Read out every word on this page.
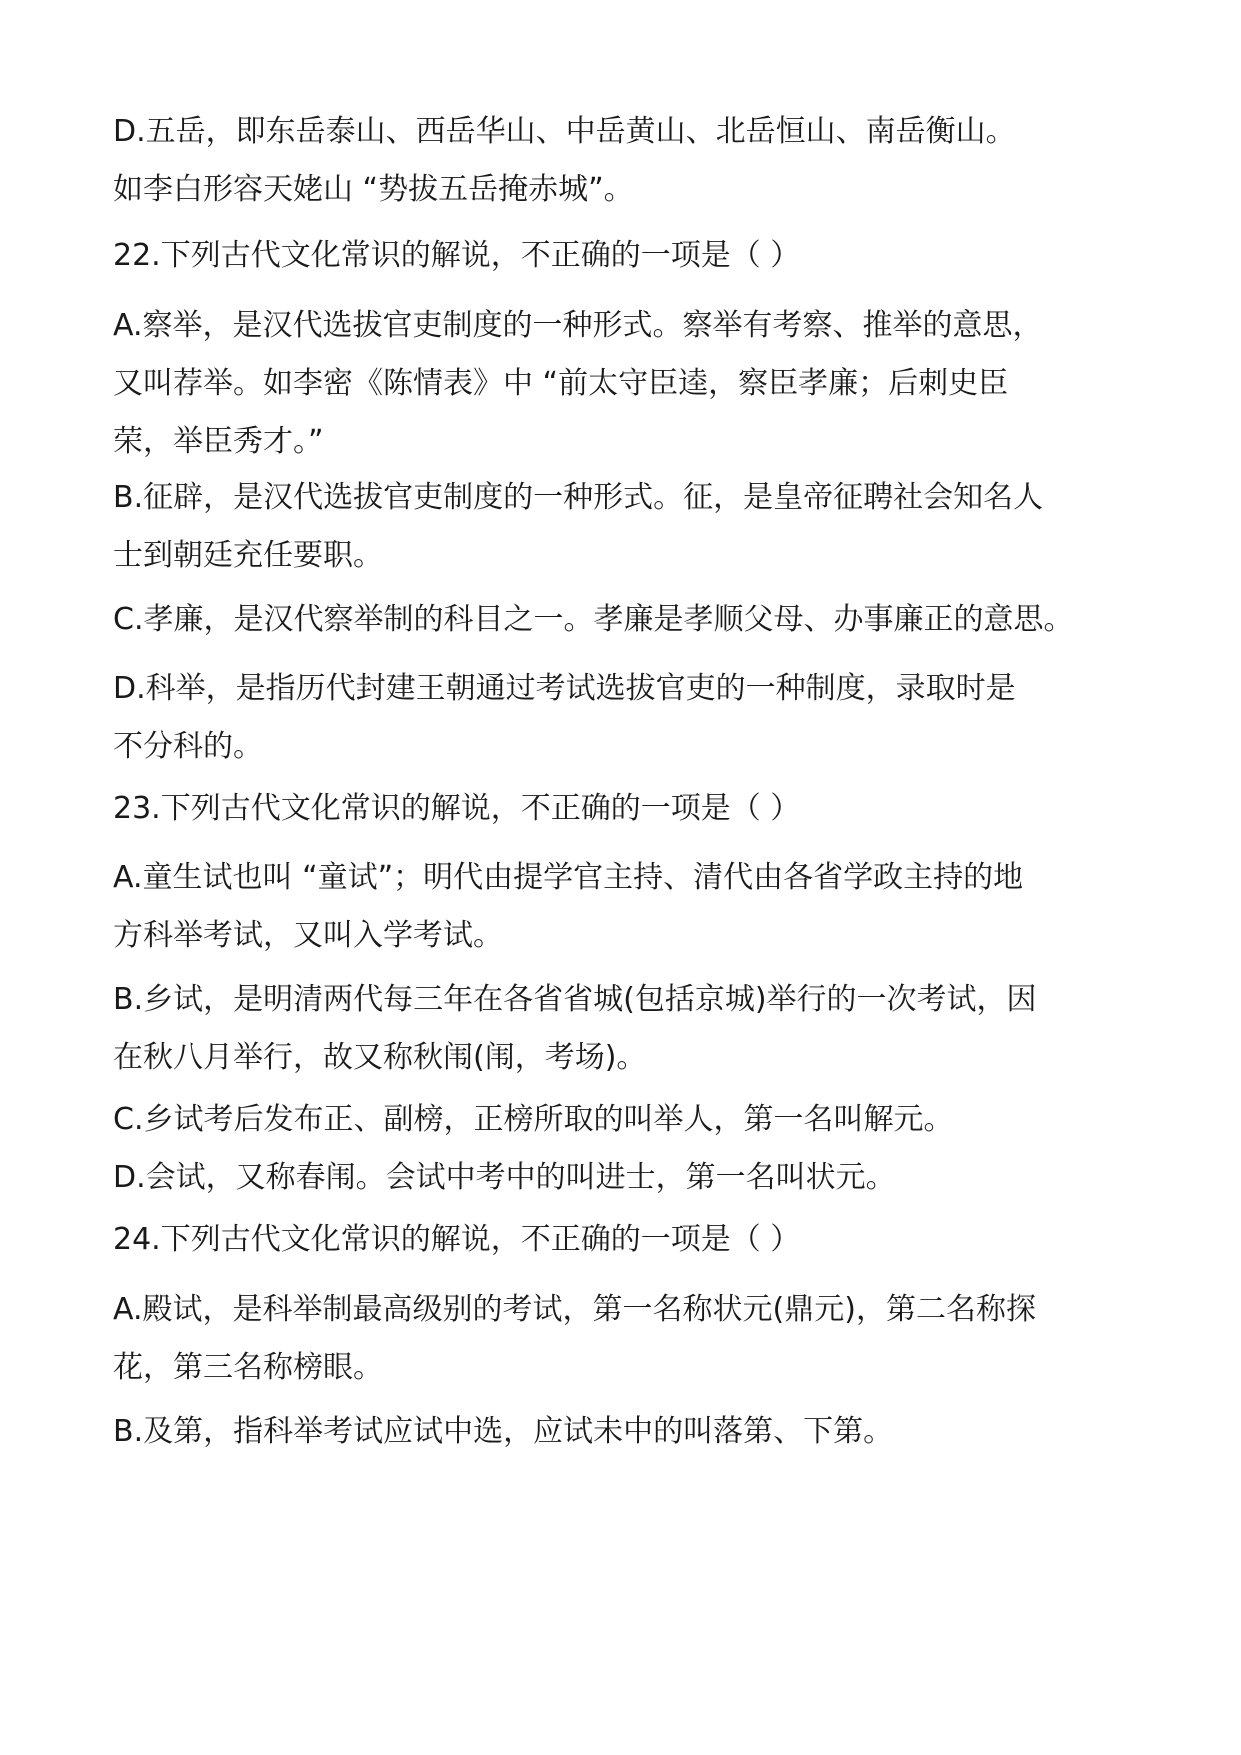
D.五岳，即东岳泰山、西岳华山、中岳黄山、北岳恒山、南岳衡山。
如李白形容天姥山 “势拔五岳掩赤城”。
22.下列古代文化常识的解说，不正确的一项是（ ）
A.察举，是汉代选拔官吏制度的一种形式。察举有考察、推举的意思，
又叫荐举。如李密《陈情表》中 “前太守臣逵，察臣孝廉；后刺史臣
荣，举臣秀才。”
B.征辟，是汉代选拔官吏制度的一种形式。征，是皇帝征聘社会知名人
士到朝廷充任要职。
C.孝廉，是汉代察举制的科目之一。孝廉是孝顺父母、办事廉正的意思。
D.科举，是指历代封建王朝通过考试选拔官吏的一种制度，录取时是
不分科的。
23.下列古代文化常识的解说，不正确的一项是（ ）
A.童生试也叫 “童试”；明代由提学官主持、清代由各省学政主持的地
方科举考试，又叫入学考试。
B.乡试，是明清两代每三年在各省省城(包括京城)举行的一次考试，因
在秋八月举行，故又称秋闱(闱，考场)。
C.乡试考后发布正、副榜，正榜所取的叫举人，第一名叫解元。
D.会试，又称春闱。会试中考中的叫进士，第一名叫状元。
24.下列古代文化常识的解说，不正确的一项是（ ）
A.殿试，是科举制最高级别的考试，第一名称状元(鼎元)，第二名称探
花，第三名称榜眼。
B.及第，指科举考试应试中选，应试未中的叫落第、下第。
